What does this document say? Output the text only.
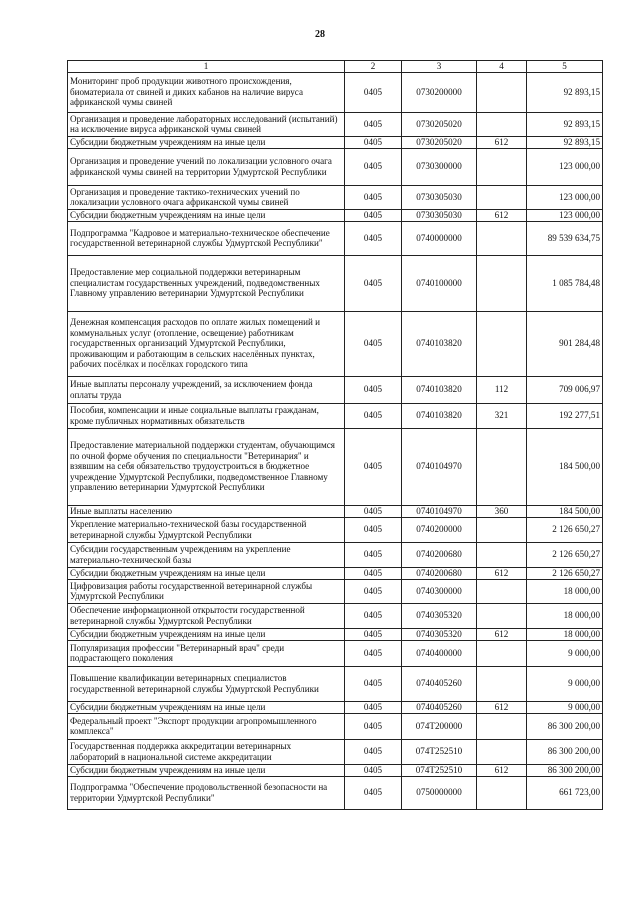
28
1	2	3	4	5
Мониторинг проб продукции животного происхождения, биоматериала от свиней и диких кабанов на наличие вируса африканской чумы свиней	0405	0730200000		92 893,15
Организация и проведение лабораторных исследований (испытаний) на исключение вируса африканской чумы свиней	0405	0730205020		92 893,15
Субсидии бюджетным учреждениям на иные цели	0405	0730205020	612	92 893,15
Организация и проведение учений по локализации условного очага африканской чумы свиней на территории Удмуртской Республики	0405	0730300000		123 000,00
Организация и проведение тактико-технических учений по локализации условного очага африканской чумы свиней	0405	0730305030		123 000,00
Субсидии бюджетным учреждениям на иные цели	0405	0730305030	612	123 000,00
Подпрограмма "Кадровое и материально-техническое обеспечение государственной ветеринарной службы Удмуртской Республики"	0405	0740000000		89 539 634,75
Предоставление мер социальной поддержки ветеринарным специалистам государственных учреждений, подведомственных Главному управлению ветеринарии Удмуртской Республики	0405	0740100000		1 085 784,48
Денежная компенсация расходов по оплате жилых помещений и коммунальных услуг (отопление, освещение) работникам государственных организаций Удмуртской Республики, проживающим и работающим в сельских населённых пунктах, рабочих посёлках и посёлках городского типа	0405	0740103820		901 284,48
Иные выплаты персоналу учреждений, за исключением фонда оплаты труда	0405	0740103820	112	709 006,97
Пособия, компенсации и иные социальные выплаты гражданам, кроме публичных нормативных обязательств	0405	0740103820	321	192 277,51
Предоставление материальной поддержки студентам, обучающимся по очной форме обучения по специальности "Ветеринария" и взявшим на себя обязательство трудоустроиться в бюджетное учреждение Удмуртской Республики, подведомственное Главному управлению ветеринарии Удмуртской Республики	0405	0740104970		184 500,00
Иные выплаты населению	0405	0740104970	360	184 500,00
Укрепление материально-технической базы государственной ветеринарной службы Удмуртской Республики	0405	0740200000		2 126 650,27
Субсидии государственным учреждениям на укрепление материально-технической базы	0405	0740200680		2 126 650,27
Субсидии бюджетным учреждениям на иные цели	0405	0740200680	612	2 126 650,27
Цифровизация работы государственной ветеринарной службы Удмуртской Республики	0405	0740300000		18 000,00
Обеспечение информационной открытости государственной ветеринарной службы Удмуртской Республики	0405	0740305320		18 000,00
Субсидии бюджетным учреждениям на иные цели	0405	0740305320	612	18 000,00
Популяризация профессии "Ветеринарный врач" среди подрастающего поколения	0405	0740400000		9 000,00
Повышение квалификации ветеринарных специалистов государственной ветеринарной службы Удмуртской Республики	0405	0740405260		9 000,00
Субсидии бюджетным учреждениям на иные цели	0405	0740405260	612	9 000,00
Федеральный проект "Экспорт продукции агропромышленного комплекса"	0405	074Т200000		86 300 200,00
Государственная поддержка аккредитации ветеринарных лабораторий в национальной системе аккредитации	0405	074Т252510		86 300 200,00
Субсидии бюджетным учреждениям на иные цели	0405	074Т252510	612	86 300 200,00
Подпрограмма "Обеспечение продовольственной безопасности на территории Удмуртской Республики"	0405	0750000000		661 723,00
